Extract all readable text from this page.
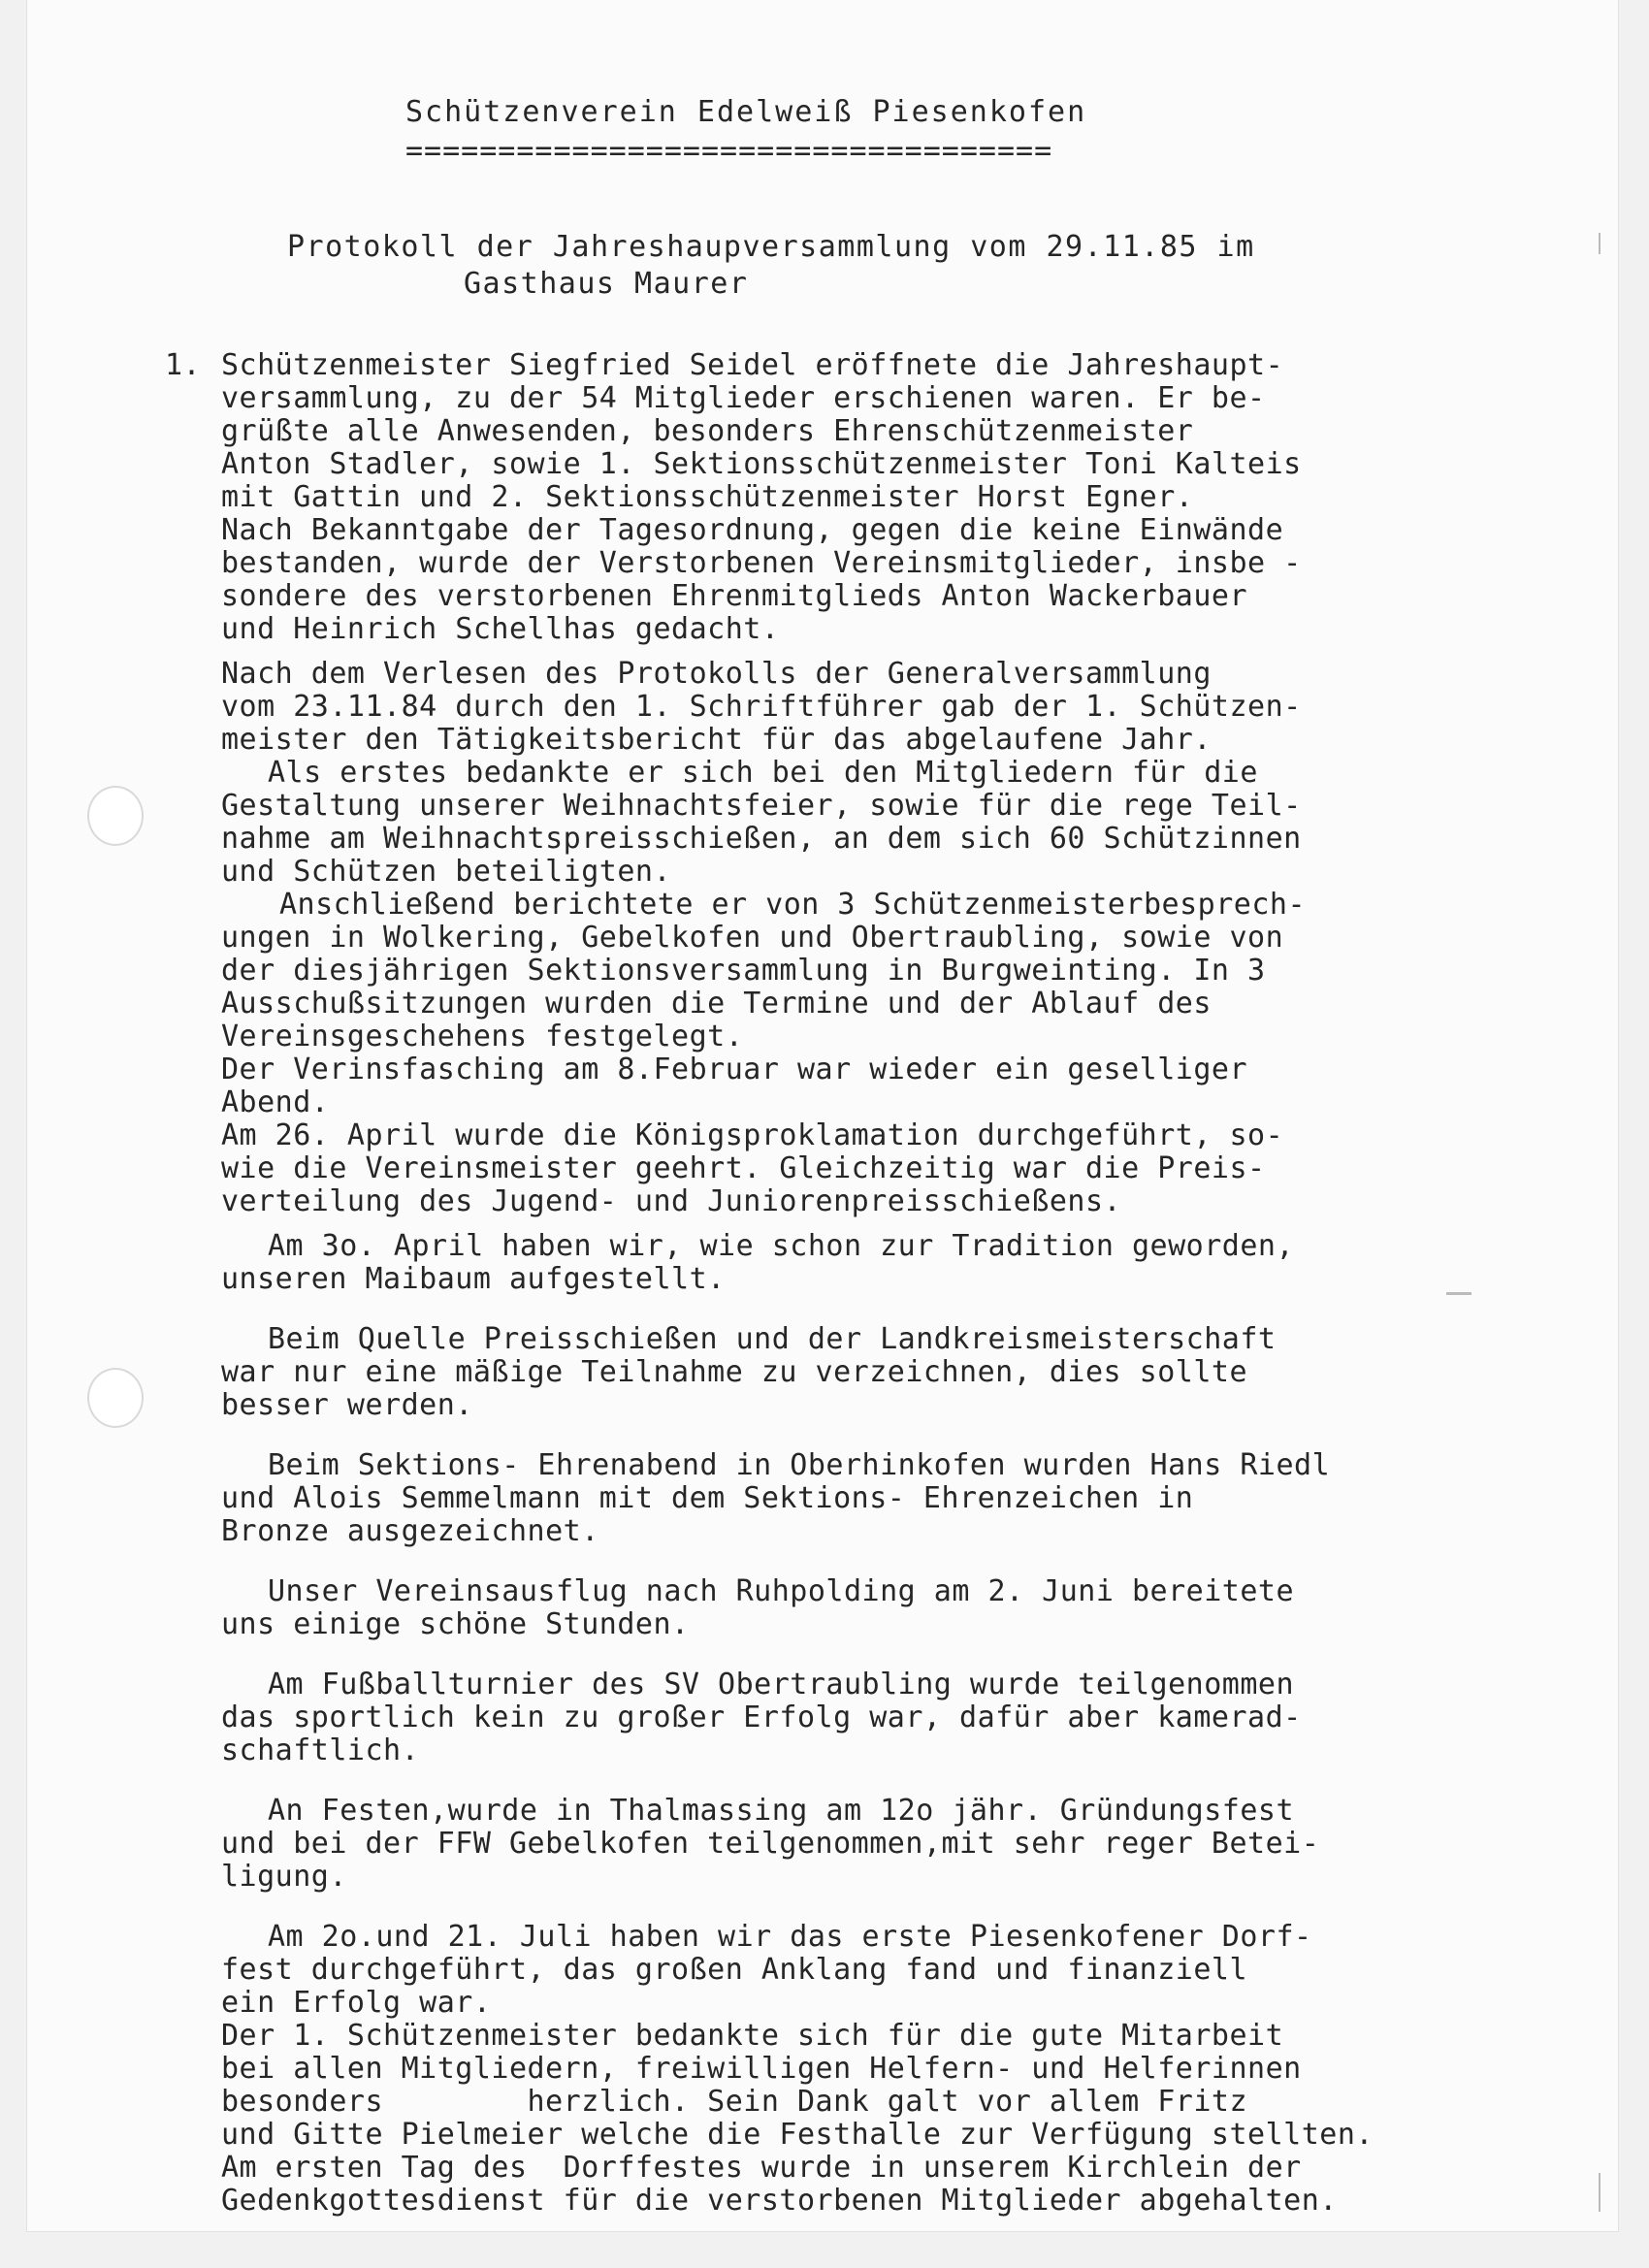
Schützenverein Edelweiß Piesenkofen
===================================
Protokoll der Jahreshaupversammlung vom 29.11.85 im
Gasthaus Maurer
1. Schützenmeister Siegfried Seidel eröffnete die Jahreshaupt-
versammlung, zu der 54 Mitglieder erschienen waren. Er be-
grüßte alle Anwesenden, besonders Ehrenschützenmeister
Anton Stadler, sowie 1. Sektionsschützenmeister Toni Kalteis
mit Gattin und 2. Sektionsschützenmeister Horst Egner.
Nach Bekanntgabe der Tagesordnung, gegen die keine Einwände
bestanden, wurde der Verstorbenen Vereinsmitglieder, insbe -
sondere des verstorbenen Ehrenmitglieds Anton Wackerbauer
und Heinrich Schellhas gedacht.
Nach dem Verlesen des Protokolls der Generalversammlung
vom 23.11.84 durch den 1. Schriftführer gab der 1. Schützen-
meister den Tätigkeitsbericht für das abgelaufene Jahr.
Als erstes bedankte er sich bei den Mitgliedern für die
Gestaltung unserer Weihnachtsfeier, sowie für die rege Teil-
nahme am Weihnachtspreisschießen, an dem sich 60 Schützinnen
und Schützen beteiligten.
Anschließend berichtete er von 3 Schützenmeisterbesprech-
ungen in Wolkering, Gebelkofen und Obertraubling, sowie von
der diesjährigen Sektionsversammlung in Burgweinting. In 3
Ausschußsitzungen wurden die Termine und der Ablauf des
Vereinsgeschehens festgelegt.
Der Verinsfasching am 8.Februar war wieder ein geselliger
Abend.
Am 26. April wurde die Königsproklamation durchgeführt, so-
wie die Vereinsmeister geehrt. Gleichzeitig war die Preis-
verteilung des Jugend- und Juniorenpreisschießens.
Am 3o. April haben wir, wie schon zur Tradition geworden,
unseren Maibaum aufgestellt.
Beim Quelle Preisschießen und der Landkreismeisterschaft
war nur eine mäßige Teilnahme zu verzeichnen, dies sollte
besser werden.
Beim Sektions- Ehrenabend in Oberhinkofen wurden Hans Riedl
und Alois Semmelmann mit dem Sektions- Ehrenzeichen in
Bronze ausgezeichnet.
Unser Vereinsausflug nach Ruhpolding am 2. Juni bereitete
uns einige schöne Stunden.
Am Fußballturnier des SV Obertraubling wurde teilgenommen
das sportlich kein zu großer Erfolg war, dafür aber kamerad-
schaftlich.
An Festen,wurde in Thalmassing am 12o jähr. Gründungsfest
und bei der FFW Gebelkofen teilgenommen,mit sehr reger Betei-
ligung.
Am 2o.und 21. Juli haben wir das erste Piesenkofener Dorf-
fest durchgeführt, das großen Anklang fand und finanziell
ein Erfolg war.
Der 1. Schützenmeister bedankte sich für die gute Mitarbeit
bei allen Mitgliedern, freiwilligen Helfern- und Helferinnen
besonders        herzlich. Sein Dank galt vor allem Fritz
und Gitte Pielmeier welche die Festhalle zur Verfügung stellten.
Am ersten Tag des  Dorffestes wurde in unserem Kirchlein der
Gedenkgottesdienst für die verstorbenen Mitglieder abgehalten.
